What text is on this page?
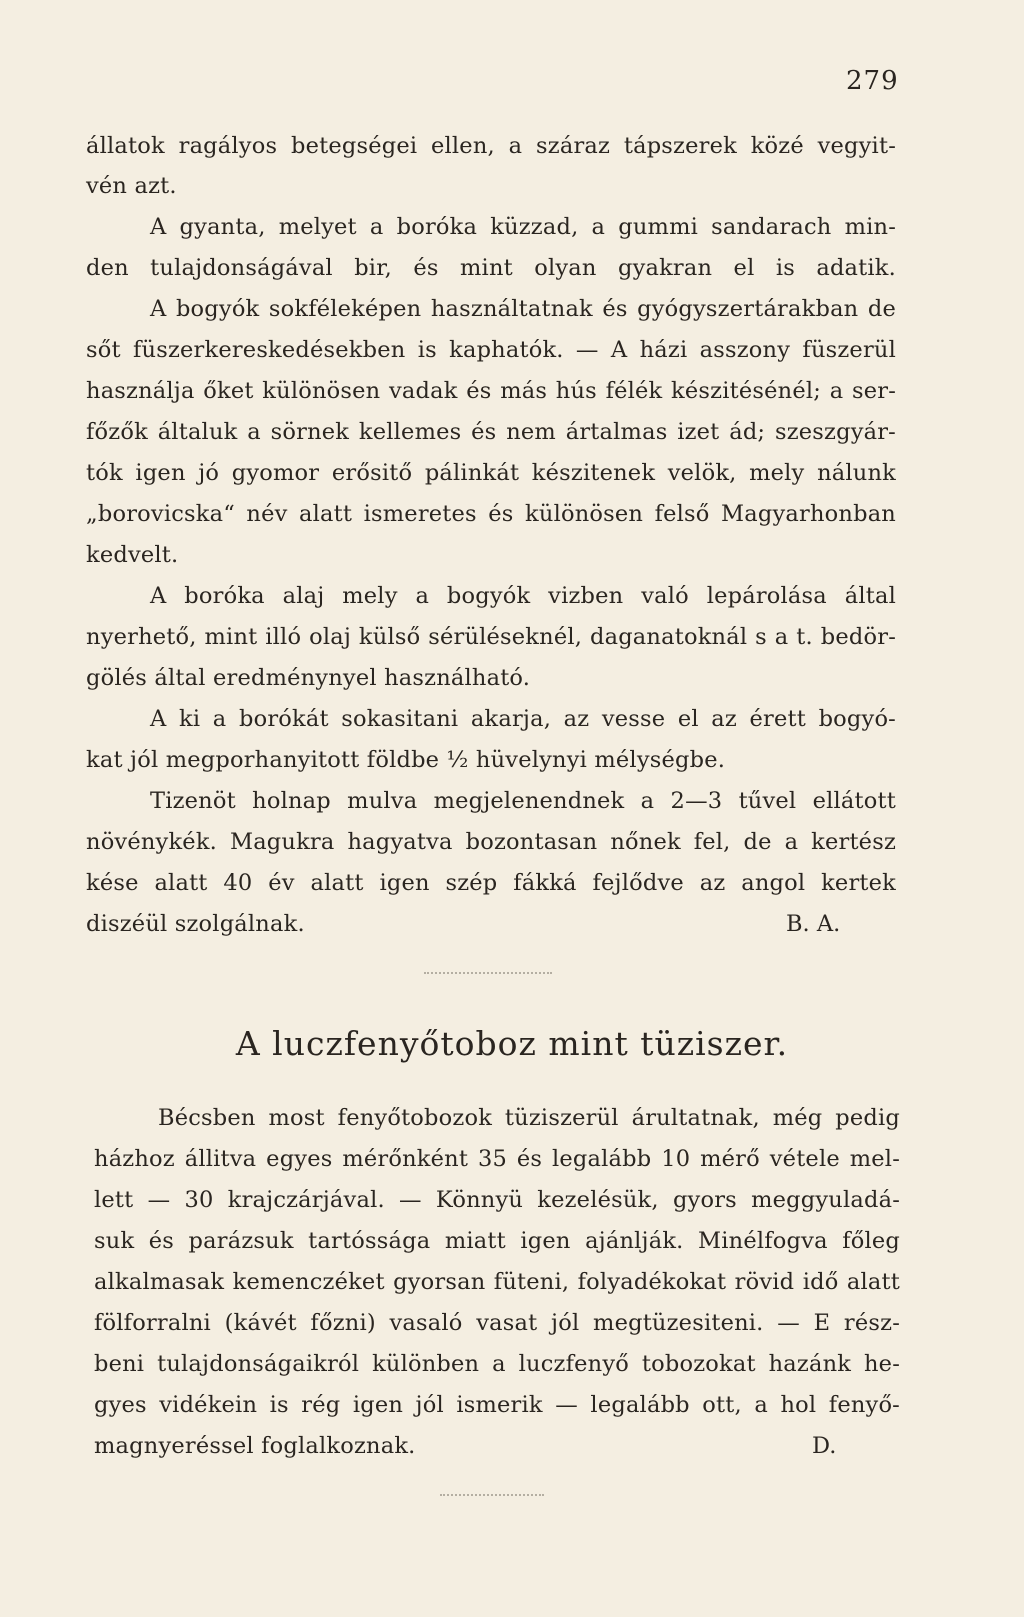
279
állatok ragályos betegségei ellen, a száraz tápszerek közé vegyit-
vén azt.
A gyanta, melyet a boróka küzzad, a gummi sandarach min-
den tulajdonságával bir, és mint olyan gyakran el is adatik.
A bogyók sokféleképen használtatnak és gyógyszertárakban de
sőt füszerkereskedésekben is kaphatók. — A házi asszony füszerül
használja őket különösen vadak és más hús félék készitésénél; a ser-
főzők általuk a sörnek kellemes és nem ártalmas izet ád; szeszgyár-
tók igen jó gyomor erősitő pálinkát készitenek velök, mely nálunk
„borovicska“ név alatt ismeretes és különösen felső Magyarhonban
kedvelt.
A boróka alaj mely a bogyók vizben való lepárolása által
nyerhető, mint illó olaj külső sérüléseknél, daganatoknál s a t. bedör-
gölés által eredménynyel használható.
A ki a borókát sokasitani akarja, az vesse el az érett bogyó-
kat jól megporhanyitott földbe ½ hüvelynyi mélységbe.
Tizenöt holnap mulva megjelenendnek a 2—3 tűvel ellátott
növénykék. Magukra hagyatva bozontasan nőnek fel, de a kertész
kése alatt 40 év alatt igen szép fákká fejlődve az angol kertek
diszéül szolgálnak.	B. A.
A luczfenyőtoboz mint tüziszer.
Bécsben most fenyőtobozok tüziszerül árultatnak, még pedig
házhoz állitva egyes mérőnként 35 és legalább 10 mérő vétele mel-
lett — 30 krajczárjával. — Könnyü kezelésük, gyors meggyuladá-
suk és parázsuk tartóssága miatt igen ajánlják. Minélfogva főleg
alkalmasak kemenczéket gyorsan füteni, folyadékokat rövid idő alatt
fölforralni (kávét főzni) vasaló vasat jól megtüzesiteni. — E rész-
beni tulajdonságaikról különben a luczfenyő tobozokat hazánk he-
gyes vidékein is rég igen jól ismerik — legalább ott, a hol fenyő-
magnyeréssel foglalkoznak.	D.
